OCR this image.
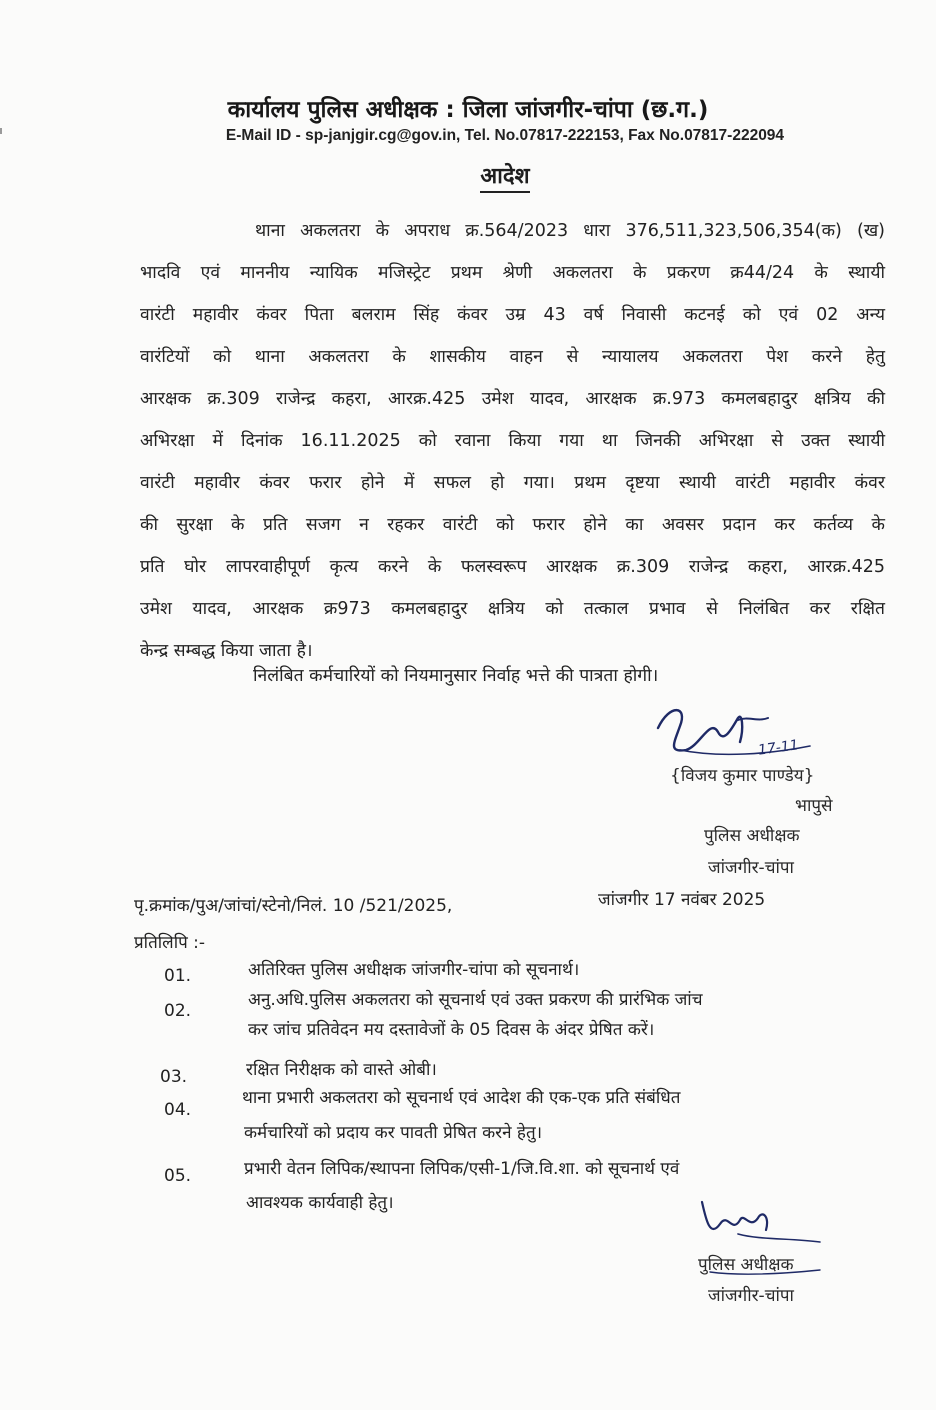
कार्यालय पुलिस अधीक्षक : जिला जांजगीर-चांपा (छ.ग.)
E-Mail ID - sp-janjgir.cg@gov.in, Tel. No.07817-222153, Fax No.07817-222094
आदेश
थाना अकलतरा के अपराध क्र.564/2023 धारा 376,511,323,506,354(क) (ख)
भादवि एवं माननीय न्यायिक मजिस्ट्रेट प्रथम श्रेणी अकलतरा के प्रकरण क्र44/24 के स्थायी
वारंटी महावीर कंवर पिता बलराम सिंह कंवर उम्र 43 वर्ष निवासी कटनई को एवं 02 अन्य
वारंटियों को थाना अकलतरा के शासकीय वाहन से न्यायालय अकलतरा पेश करने हेतु
आरक्षक क्र.309 राजेन्द्र कहरा, आरक्र.425 उमेश यादव, आरक्षक क्र.973 कमलबहादुर क्षत्रिय की
अभिरक्षा में दिनांक 16.11.2025 को रवाना किया गया था जिनकी अभिरक्षा से उक्त स्थायी
वारंटी महावीर कंवर फरार होने में सफल हो गया। प्रथम दृष्टया स्थायी वारंटी महावीर कंवर
की सुरक्षा के प्रति सजग न रहकर वारंटी को फरार होने का अवसर प्रदान कर कर्तव्य के
प्रति घोर लापरवाहीपूर्ण कृत्य करने के फलस्वरूप आरक्षक क्र.309 राजेन्द्र कहरा, आरक्र.425
उमेश यादव, आरक्षक क्र973 कमलबहादुर क्षत्रिय को तत्काल प्रभाव से निलंबित कर रक्षित
केन्द्र सम्बद्ध किया जाता है।
निलंबित कर्मचारियों को नियमानुसार निर्वाह भत्ते की पात्रता होगी।
17-11
{विजय कुमार पाण्डेय}
भापुसे
पुलिस अधीक्षक
जांजगीर-चांपा
पृ.क्रमांक/पुअ/जांचां/स्टेनो/निलं. 10 /521/2025,	जांजगीर 17 नवंबर 2025
प्रतिलिपि :-
01.	अतिरिक्त पुलिस अधीक्षक जांजगीर-चांपा को सूचनार्थ।
02.
अनु.अधि.पुलिस अकलतरा को सूचनार्थ एवं उक्त प्रकरण की प्रारंभिक जांच
कर जांच प्रतिवेदन मय दस्तावेजों के 05 दिवस के अंदर प्रेषित करें।
03.	रक्षित निरीक्षक को वास्ते ओबी।
04.
थाना प्रभारी अकलतरा को सूचनार्थ एवं आदेश की एक-एक प्रति संबंधित
कर्मचारियों को प्रदाय कर पावती प्रेषित करने हेतु।
05.	प्रभारी वेतन लिपिक/स्थापना लिपिक/एसी-1/जि.वि.शा. को सूचनार्थ एवं
आवश्यक कार्यवाही हेतु।
पुलिस अधीक्षक
जांजगीर-चांपा
